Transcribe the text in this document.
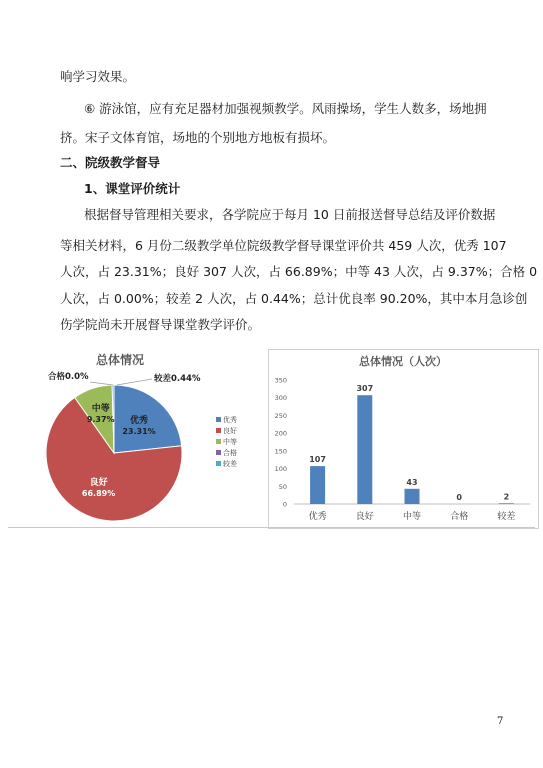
响学习效果。
⑥ 游泳馆，应有充足器材加强视频教学。风雨操场，学生人数多，场地拥
挤。宋子文体育馆，场地的个别地方地板有损坏。
二、院级教学督导
1、课堂评价统计
根据督导管理相关要求，各学院应于每月 10 日前报送督导总结及评价数据
等相关材料，6 月份二级教学单位院级教学督导课堂评价共 459 人次，优秀 107
人次，占 23.31%；良好 307 人次，占 66.89%；中等 43 人次，占 9.37%；合格 0
人次，占 0.00%；较差 2 人次，占 0.44%；总计优良率 90.20%，其中本月急诊创
伤学院尚未开展督导课堂教学评价。
总体情况
优秀
23.31%
良好
66.89%
中等
9.37%
合格0.0%	较差0.44%
优秀
良好
中等
合格
较差
总体情况（人次）
0
50
100
150
200
250
300
350
107
优秀
307
良好
43
中等
0
合格
2
较差
7
